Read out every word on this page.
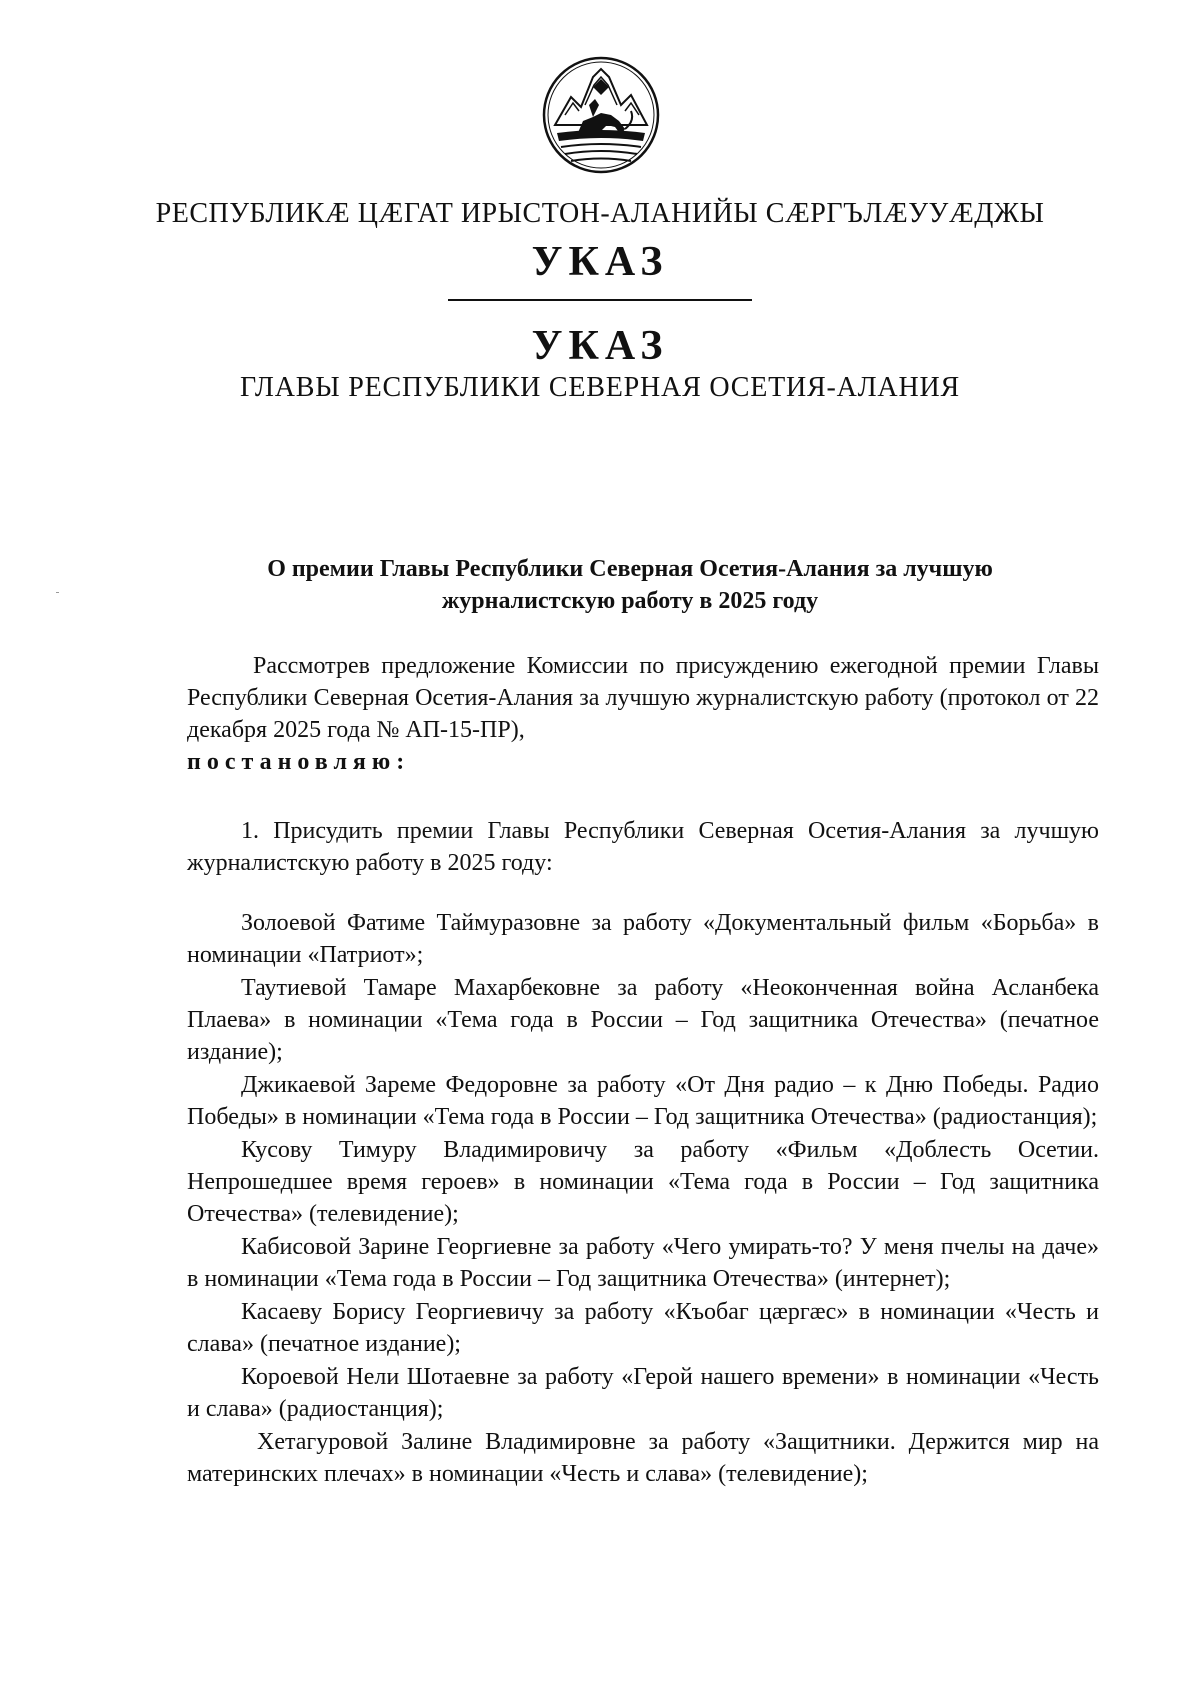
РЕСПУБЛИКӔ ЦӔГАТ ИРЫСТОН-АЛАНИЙЫ СӔРГЪЛӔУУӔДЖЫ
УКАЗ
УКАЗ
ГЛАВЫ РЕСПУБЛИКИ СЕВЕРНАЯ ОСЕТИЯ-АЛАНИЯ
О премии Главы Республики Северная Осетия-Алания за лучшую журналистскую работу в 2025 году
Рассмотрев предложение Комиссии по присуждению ежегодной премии Главы Республики Северная Осетия-Алания за лучшую журналистскую работу (протокол от 22 декабря 2025 года № АП-15-ПР),
постановляю:
1. Присудить премии Главы Республики Северная Осетия-Алания за лучшую журналистскую работу в 2025 году:
Золоевой Фатиме Таймуразовне за работу «Документальный фильм «Борьба» в номинации «Патриот»;
Таутиевой Тамаре Махарбековне за работу «Неоконченная война Асланбека Плаева» в номинации «Тема года в России – Год защитника Отечества» (печатное издание);
Джикаевой Зареме Федоровне за работу «От Дня радио – к Дню Победы. Радио Победы» в номинации «Тема года в России – Год защитника Отечества» (радиостанция);
Кусову Тимуру Владимировичу за работу «Фильм «Доблесть Осетии. Непрошедшее время героев» в номинации «Тема года в России – Год защитника Отечества» (телевидение);
Кабисовой Зарине Георгиевне за работу «Чего умирать-то? У меня пчелы на даче» в номинации «Тема года в России – Год защитника Отечества» (интернет);
Касаеву Борису Георгиевичу за работу «Къобаг цæргæс» в номинации «Честь и слава» (печатное издание);
Короевой Нели Шотаевне за работу «Герой нашего времени» в номинации «Честь и слава» (радиостанция);
Хетагуровой Залине Владимировне за работу «Защитники. Держится мир на материнских плечах» в номинации «Честь и слава» (телевидение);
